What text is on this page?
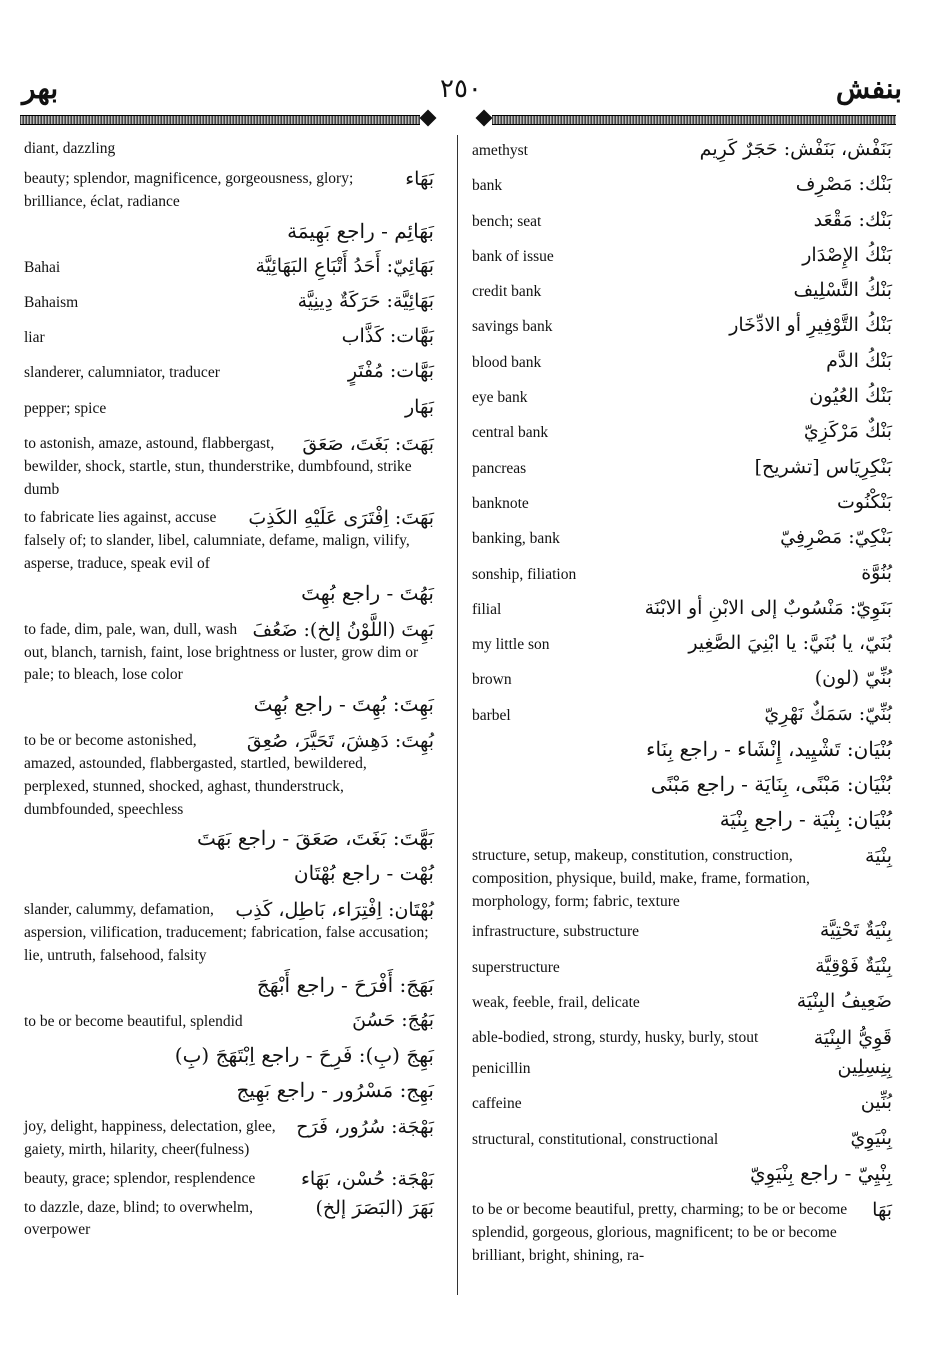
بهر	٢٥٠	بنفش
diant, dazzling
بَهَاء
beauty; splendor, magnificence, gorgeousness, glory; brilliance, éclat, radiance
بَهَائِم - راجع بَهِيمَة
Bahai	بَهَائِيّ: أَحَدُ أَتْبَاعِ البَهَائِيَّة
Bahaism	بَهَائِيَّة: حَرَكَةٌ دِينِيَّة
liar	بَهَّات: كَذَّاب
slanderer, calumniator, traducer	بَهَّات: مُفْتَرٍ
pepper; spice	بَهَار
بَهَتَ: بَغَتَ، صَعَقَ
to astonish, amaze, astound, flabbergast, bewilder, shock, startle, stun, thunderstrike, dumbfound, strike dumb
بَهَتَ: اِفْتَرَى عَلَيْهِ الكَذِبَ
to fabricate lies against, accuse falsely of; to slander, libel, calumniate, defame, malign, vilify, asperse, traduce, speak evil of
بَهُتَ - راجع بُهِتَ
بَهِتَ (اللَّوْنُ إلخ): ضَعُفَ
to fade, dim, pale, wan, dull, wash out, blanch, tarnish, faint, lose brightness or luster, grow dim or pale; to bleach, lose color
بَهِتَ: بُهِتَ - راجع بُهِتَ
بُهِتَ: دَهِشَ، تَحَيَّرَ، صُعِقَ
to be or become astonished, amazed, astounded, flabbergasted, startled, bewildered, perplexed, stunned, shocked, aghast, thunderstruck, dumbfounded, speechless
بَهَّتَ: بَغَتَ، صَعَقَ - راجع بَهَتَ
بُهْت - راجع بُهْتَان
بُهْتَان: اِفْتِرَاء، بَاطِل، كَذِب
slander, calummy, defamation, aspersion, vilification, traducement; fabrication, false accusation; lie, untruth, falsehood, falsity
بَهَجَ: أَفْرَحَ - راجع أَبْهَجَ
to be or become beautiful, splendid	بَهُجَ: حَسُنَ
بَهِجَ (بِ): فَرِحَ - راجع اِبْتَهَجَ (بِ)
بَهِج: مَسْرُور - راجع بَهِيج
بَهْجَة: سُرُور، فَرَح
joy, delight, happiness, delectation, glee, gaiety, mirth, hilarity, cheer(fulness)
بَهْجَة: حُسْن، بَهَاء
beauty, grace; splendor, resplendence
بَهَرَ (البَصَرَ إلخ)
to dazzle, daze, blind; to overwhelm, overpower
amethyst	بَنَفْش، بَنَفْش: حَجَرٌ كَرِيم
bank	بَنْك: مَصْرِف
bench; seat	بَنْك: مَقْعَد
bank of issue	بَنْكُ الإِصْدَار
credit bank	بَنْكُ التَّسْلِيف
savings bank	بَنْكُ التَّوْفِيرِ أو الادِّخَار
blood bank	بَنْكُ الدَّم
eye bank	بَنْكُ العُيُون
central bank	بَنْكٌ مَرْكَزِيّ
pancreas	بَنْكِرِيَاس [تشريح]
banknote	بَنْكْنُوت
banking, bank	بَنْكِيّ: مَصْرِفِيّ
sonship, filiation	بُنُوَّة
filial	بَنَوِيّ: مَنْسُوبٌ إلى الابْنِ أو الابْنَة
my little son	بُنَيّ، يا بُنَيَّ: يا ابْنِيَ الصَّغِير
brown	بُنِّيّ (لون)
barbel	بُنِّيّ: سَمَكٌ نَهْرِيّ
بُنْيَان: تَشْيِيد، إِنْشَاء - راجع بِنَاء
بُنْيَان: مَبْنًى، بِنَايَة - راجع مَبْنًى
بُنْيَان: بِنْيَة - راجع بِنْيَة
بِنْيَة
structure, setup, makeup, constitution, construction, composition, physique, build, make, frame, formation, morphology, form; fabric, texture
infrastructure, substructure	بِنْيَةٌ تَحْتِيَّة
superstructure	بِنْيَةٌ فَوْقِيَّة
weak, feeble, frail, delicate	ضَعِيفُ البِنْيَة
قَوِيُّ البِنْيَة
able-bodied, strong, sturdy, husky, burly, stout
penicillin	بِنِسِلِين
caffeine	بُنِّين
structural, constitutional, constructional	بِنْيَوِيّ
بِنْيِيّ - راجع بِنْيَوِيّ
بَهَا
to be or become beautiful, pretty, charming; to be or become splendid, gorgeous, glorious, magnificent; to be or become brilliant, bright, shining, ra-
